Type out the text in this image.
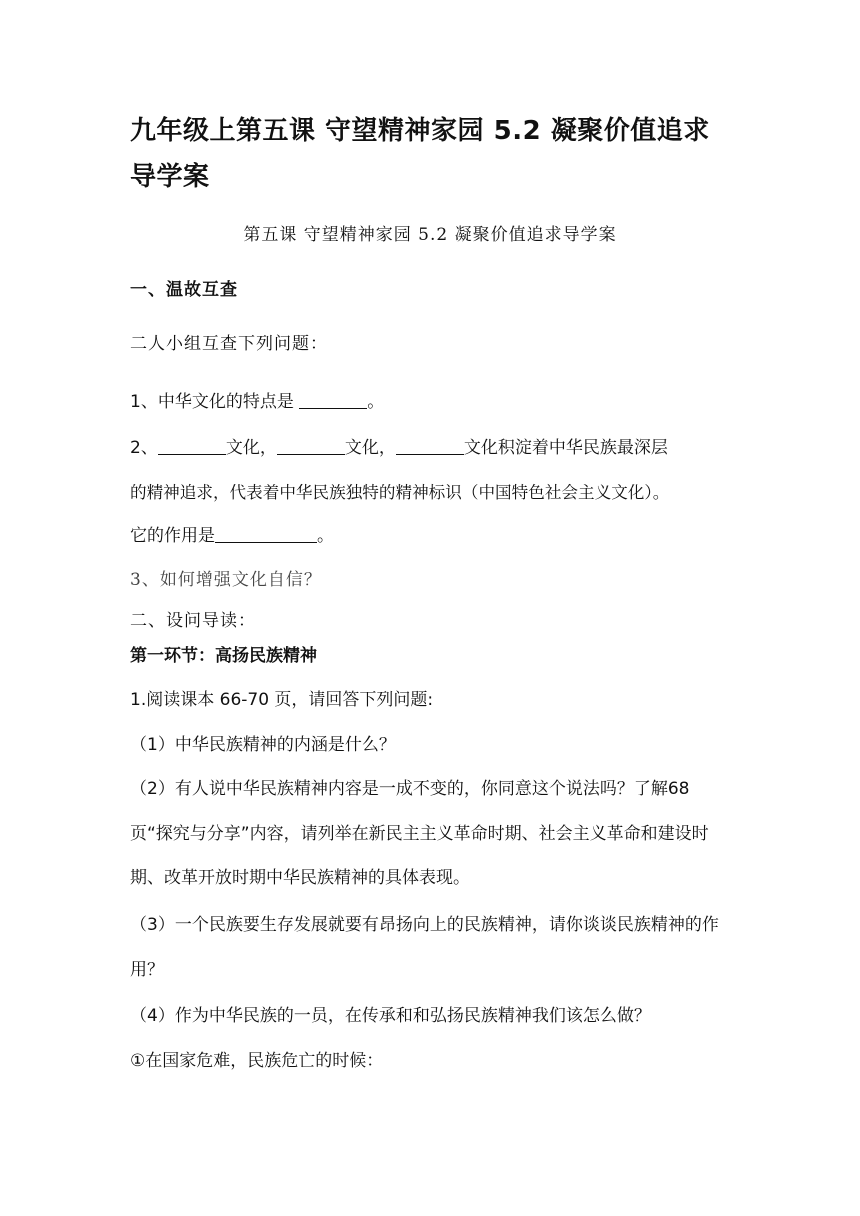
九年级上第五课 守望精神家园 5.2 凝聚价值追求导学案
第五课 守望精神家园 5.2 凝聚价值追求导学案
一、温故互查
二人小组互查下列问题：
1、中华文化的特点是	。
2、	文化，	文化，	文化积淀着中华民族最深层
的精神追求，代表着中华民族独特的精神标识（中国特色社会主义文化）。
它的作用是	。
3、如何增强文化自信？
二、设问导读：
第一环节：高扬民族精神
1.阅读课本 66-70 页，请回答下列问题:
（1）中华民族精神的内涵是什么？
（2）有人说中华民族精神内容是一成不变的，你同意这个说法吗？了解68 页“探究与分享”内容，请列举在新民主主义革命时期、社会主义革命和建设时期、改革开放时期中华民族精神的具体表现。
（3）一个民族要生存发展就要有昂扬向上的民族精神，请你谈谈民族精神的作用？
（4）作为中华民族的一员，在传承和和弘扬民族精神我们该怎么做？
①在国家危难，民族危亡的时候：
